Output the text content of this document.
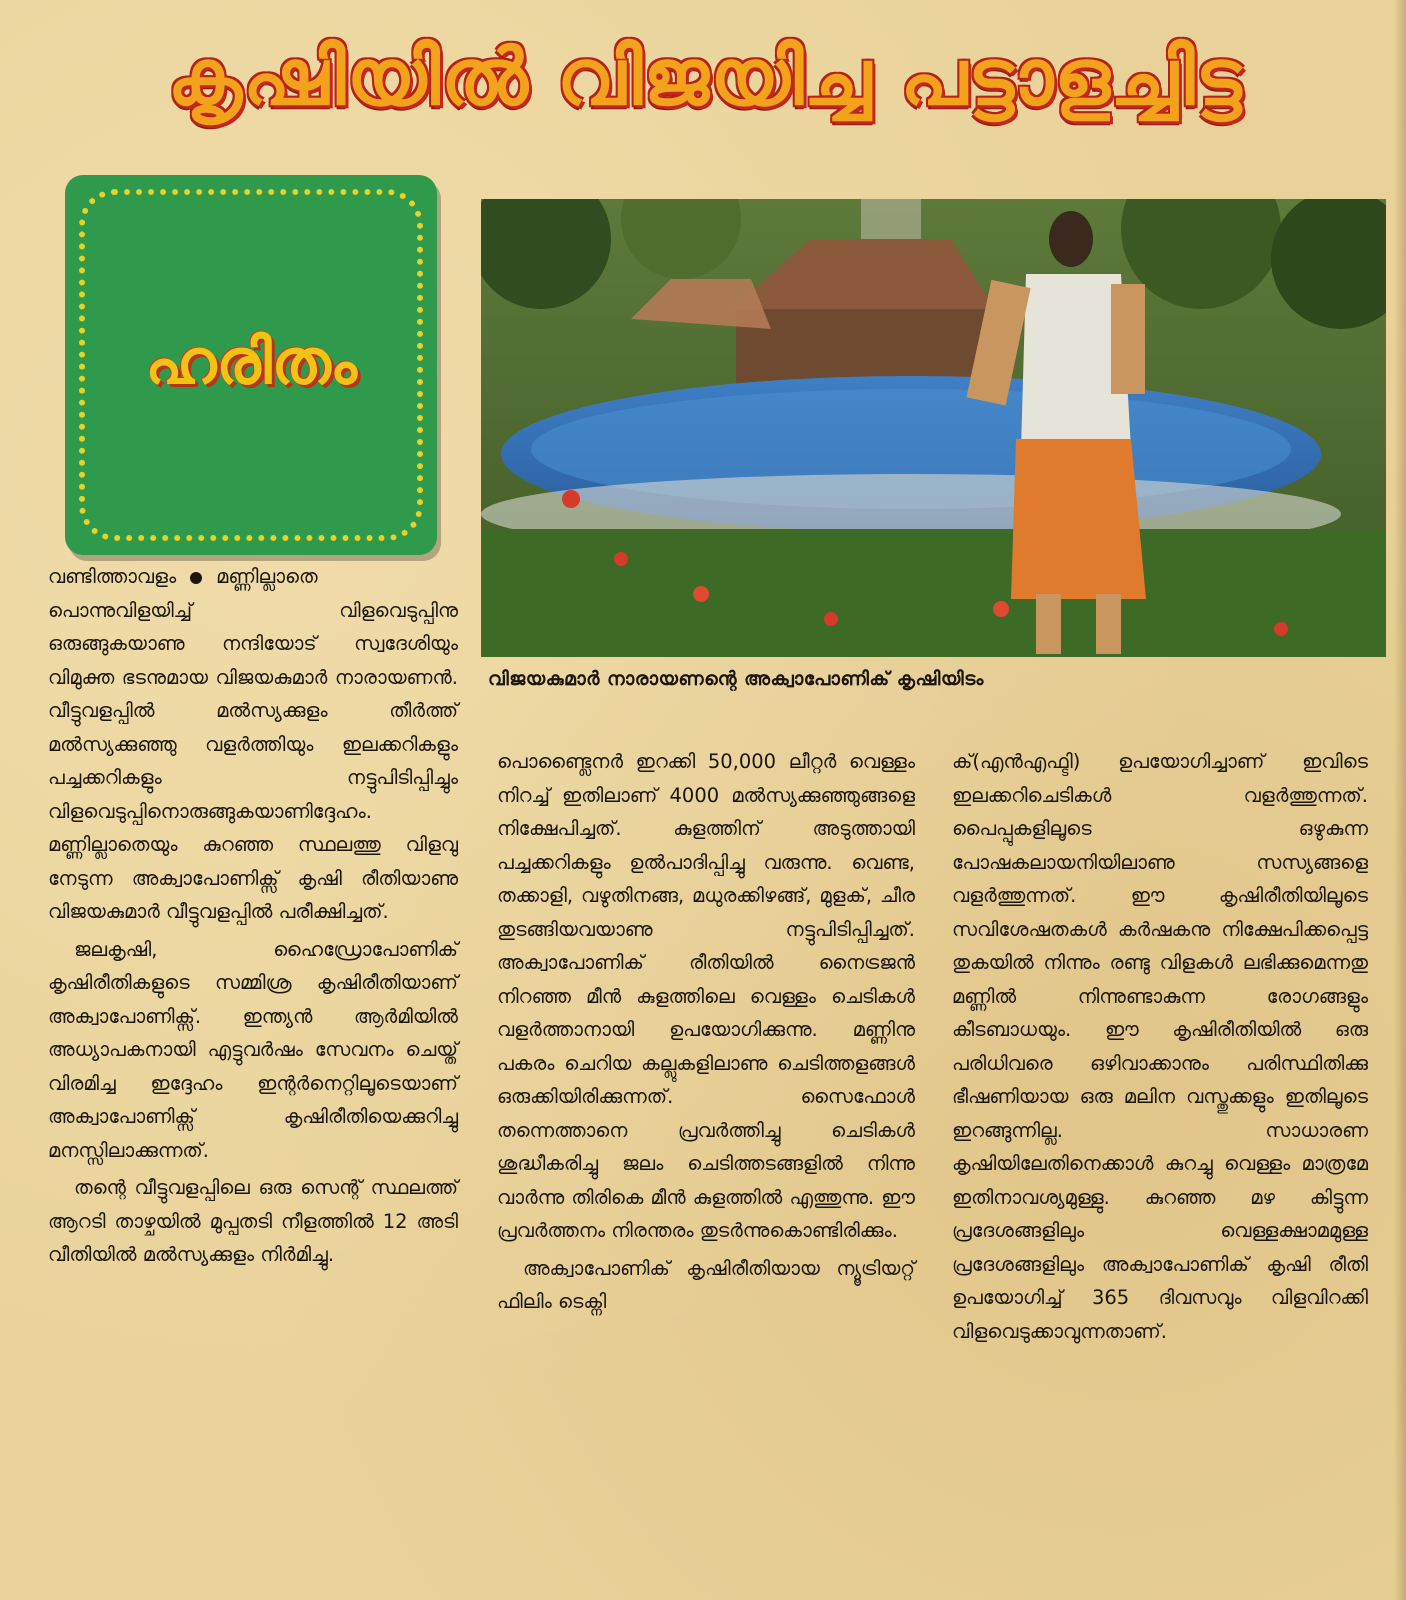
കൃഷിയിൽ വിജയിച്ച പട്ടാളച്ചിട്ട
ഹരിതം
വിജയകുമാർ നാരായണന്റെ അക്വാപോണിക് കൃഷിയിടം

വണ്ടിത്താവളം മണ്ണില്ലാതെ പൊന്നുവിളയിച്ച് വിളവെടുപ്പിനു ഒരുങ്ങുകയാണു നന്ദിയോട് സ്വദേശിയും വിമുക്ത ഭടനുമായ വിജയകുമാർ നാരായണൻ. വീട്ടുവളപ്പിൽ മൽസ്യക്കുളം തീർത്ത് മൽസ്യക്കുഞ്ഞു വളർത്തിയും ഇലക്കറികളും പച്ചക്കറികളും നട്ടുപിടിപ്പിച്ചും വിളവെടുപ്പിനൊരുങ്ങുകയാണിദ്ദേഹം. മണ്ണില്ലാതെയും കുറഞ്ഞ സ്ഥലത്തു വിളവു നേടുന്ന അക്വാപോണിക്സ് കൃഷി രീതിയാണു വിജയകുമാർ വീട്ടുവളപ്പിൽ പരീക്ഷിച്ചത്.

ജലകൃഷി, ഹൈഡ്രോപോണിക് കൃഷിരീതികളുടെ സമ്മിശ്ര കൃഷിരീതിയാണ് അക്വാപോണിക്സ്. ഇന്ത്യൻ ആർമിയിൽ അധ്യാപകനായി എട്ടുവർഷം സേവനം ചെയ്ത് വിരമിച്ച ഇദ്ദേഹം ഇന്റർനെറ്റിലൂടെയാണ് അക്വാപോണിക്സ് കൃഷിരീതിയെക്കുറിച്ചു മനസ്സിലാക്കുന്നത്.

തന്റെ വീട്ടുവളപ്പിലെ ഒരു സെന്റ് സ്ഥലത്ത് ആറടി താഴ്ചയിൽ മുപ്പതടി നീളത്തിൽ 12 അടി വീതിയിൽ മൽസ്യക്കുളം നിർമിച്ചു.

പൊണ്ട്ലൈനർ ഇറക്കി 50,000 ലീറ്റർ വെള്ളം നിറച്ച് ഇതിലാണ് 4000 മൽസ്യക്കുഞ്ഞുങ്ങളെ നിക്ഷേപിച്ചത്. കുളത്തിന് അടുത്തായി പച്ചക്കറികളും ഉൽപാദിപ്പിച്ചു വരുന്നു. വെണ്ട, തക്കാളി, വഴുതിനങ്ങ, മധുരക്കിഴങ്ങ്, മുളക്, ചീര തുടങ്ങിയവയാണു നട്ടുപിടിപ്പിച്ചത്. അക്വാപോണിക് രീതിയിൽ നൈട്രജൻ നിറഞ്ഞ മീൻ കുളത്തിലെ വെള്ളം ചെടികൾ വളർത്താനായി ഉപയോഗിക്കുന്നു. മണ്ണിനു പകരം ചെറിയ കല്ലുകളിലാണു ചെടിത്തളങ്ങൾ ഒരുക്കിയിരിക്കുന്നത്. സൈഫോൾ തന്നെത്താനെ പ്രവർത്തിച്ചു ചെടികൾ ശുദ്ധീകരിച്ചു ജലം ചെടിത്തടങ്ങളിൽ നിന്നു വാർന്നു തിരികെ മീൻ കുളത്തിൽ എത്തുന്നു. ഈ പ്രവർത്തനം നിരന്തരം തുടർന്നുകൊണ്ടിരിക്കും.

അക്വാപോണിക് കൃഷിരീതിയായ ന്യൂട്രിയറ്റ് ഫിലിം ടെക്നി

ക്(എൻഎഫ്ടി) ഉപയോഗിച്ചാണ് ഇവിടെ ഇലക്കറിചെടികൾ വളർത്തുന്നത്. പൈപ്പുകളിലൂടെ ഒഴുകുന്ന പോഷകലായനിയിലാണു സസ്യങ്ങളെ വളർത്തുന്നത്. ഈ കൃഷിരീതിയിലൂടെ സവിശേഷതകൾ കർഷകനു നിക്ഷേപിക്കപ്പെട്ട തുകയിൽ നിന്നും രണ്ടു വിളകൾ ലഭിക്കുമെന്നതു മണ്ണിൽ നിന്നുണ്ടാകുന്ന രോഗങ്ങളും കീടബാധയും. ഈ കൃഷിരീതിയിൽ ഒരു പരിധിവരെ ഒഴിവാക്കാനും പരിസ്ഥിതിക്കു ഭീഷണിയായ ഒരു മലിന വസ്തുക്കളും ഇതിലൂടെ ഇറങ്ങുന്നില്ല. സാധാരണ കൃഷിയിലേതിനെക്കാൾ കുറച്ചു വെള്ളം മാത്രമേ ഇതിനാവശ്യമുള്ളു. കുറഞ്ഞ മഴ കിട്ടുന്ന പ്രദേശങ്ങളിലും വെള്ളക്ഷാമമുള്ള പ്രദേശങ്ങളിലും അക്വാപോണിക് കൃഷി രീതി ഉപയോഗിച്ച് 365 ദിവസവും വിളവിറക്കി വിളവെടുക്കാവുന്നതാണ്.
